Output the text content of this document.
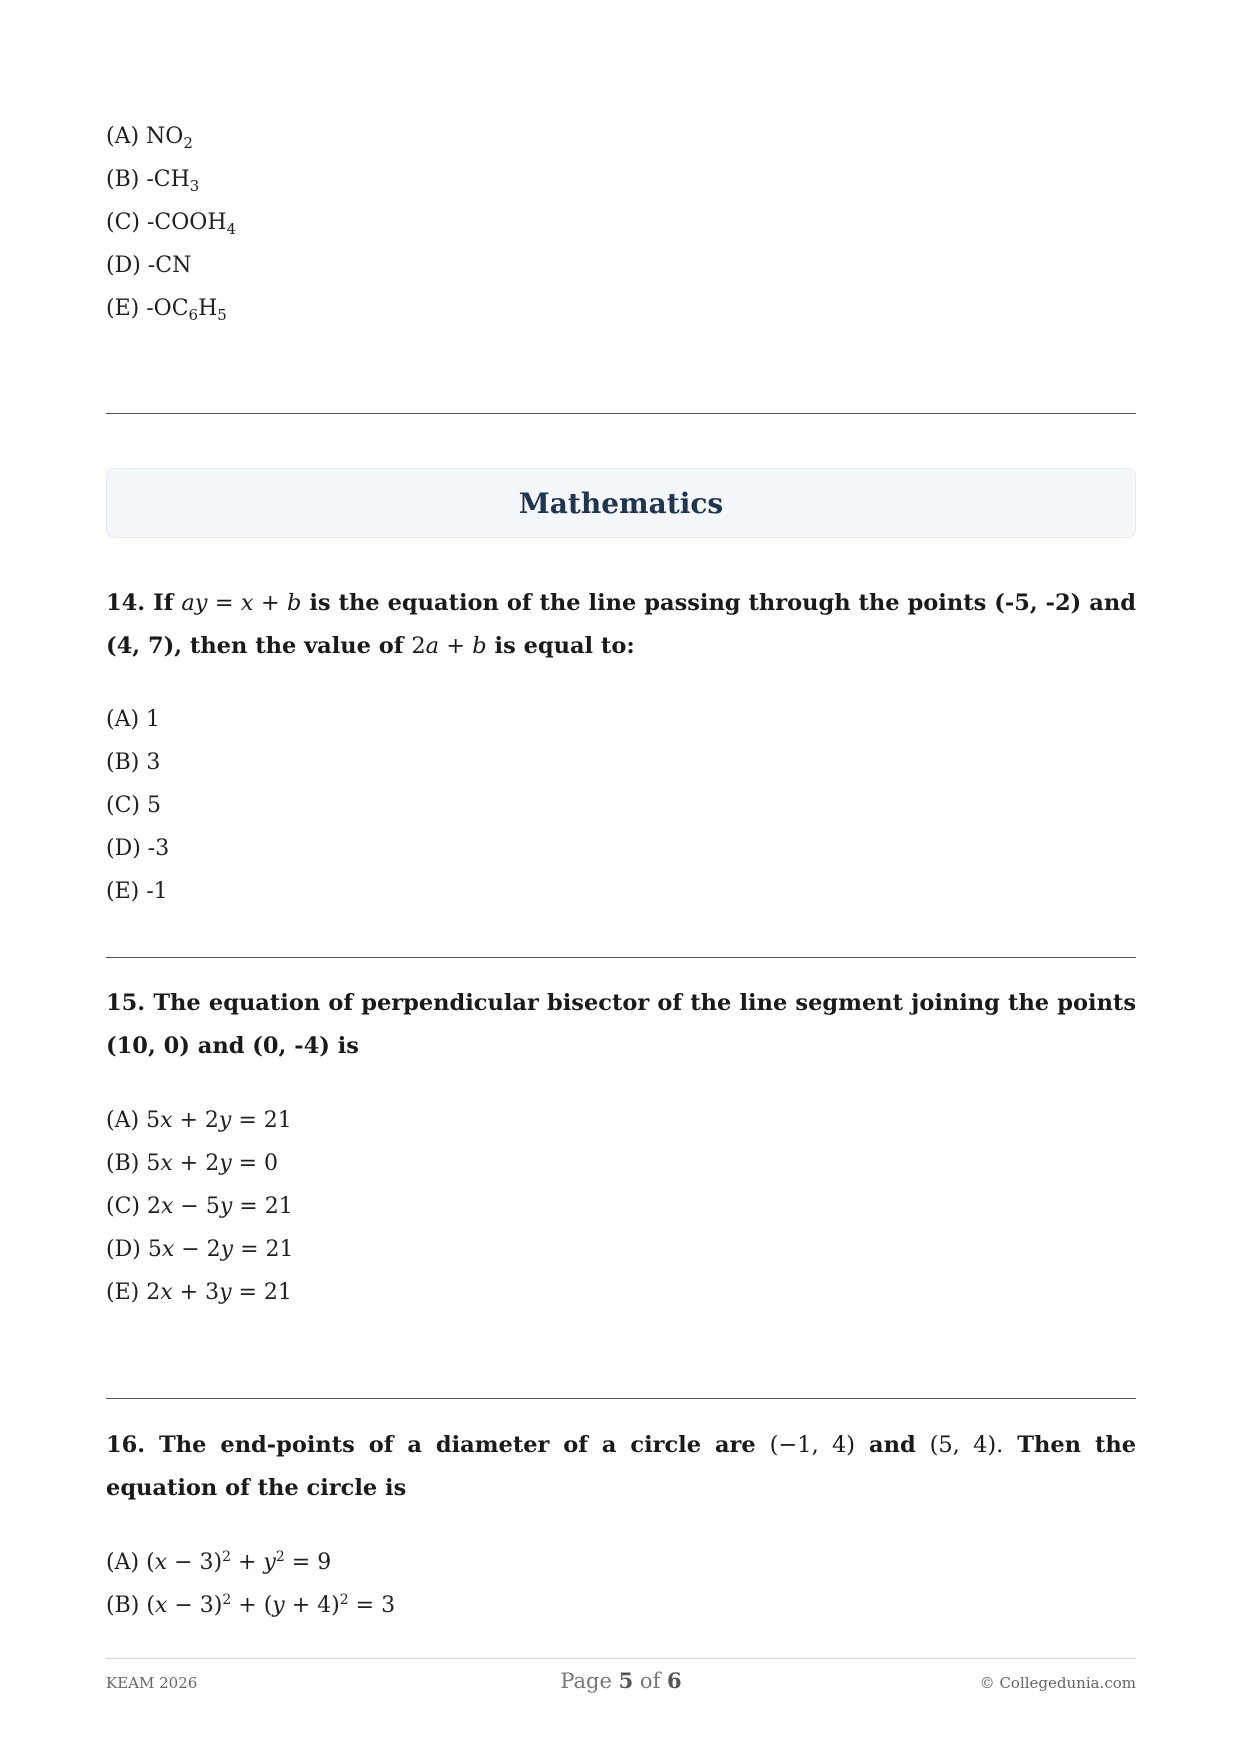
(A) $NO_2$
(B) $-CH_3$
(C) $-COOH_4$
(D) -CN
(E) $-OC_6H_5$
Mathematics
14. If ay = x + b is the equation of the line passing through the points (-5, -2) and (4, 7), then the value of 2a + b is equal to:
(A) 1
(B) 3
(C) 5
(D) -3
(E) -1
15. The equation of perpendicular bisector of the line segment joining the points (10, 0) and (0, -4) is
(A) 5x + 2y = 21
(B) 5x + 2y = 0
(C) 2x − 5y = 21
(D) 5x − 2y = 21
(E) 2x + 3y = 21
16. The end-points of a diameter of a circle are (−1, 4) and (5, 4). Then the equation of the circle is
(A) $(x - 3)^2 + y^2 = 9$
(B) $(x - 3)^2 + (y + 4)^2 = 3$
KEAM 2026	Page 5 of 6	© Collegedunia.com
